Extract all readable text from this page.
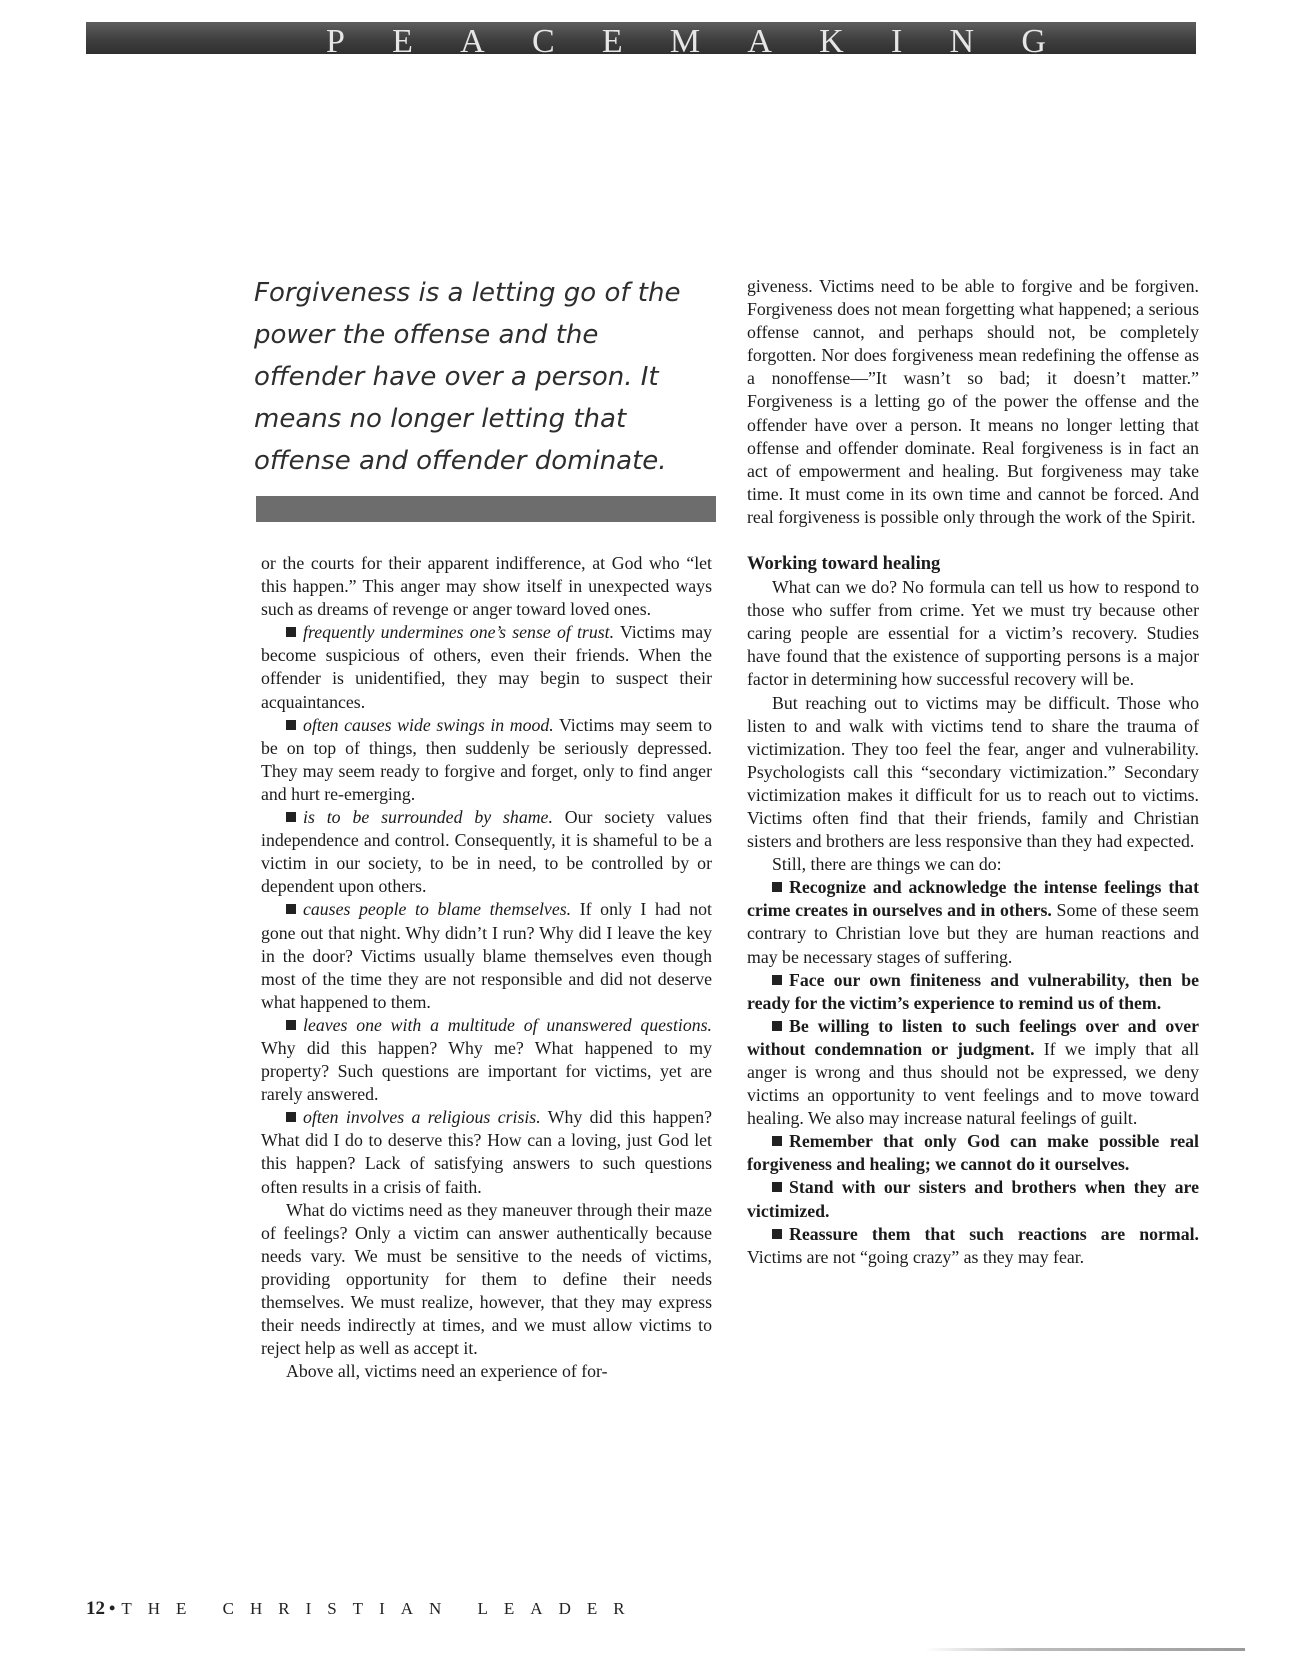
P E A C E M A K I N G
Forgiveness is a letting go of the power the offense and the offender have over a person. It means no longer letting that offense and offender dominate.

or the courts for their apparent indifference, at God who “let this happen.” This anger may show itself in unexpected ways such as dreams of revenge or anger toward loved ones.

frequently undermines one’s sense of trust. Victims may become suspicious of others, even their friends. When the offender is unidentified, they may begin to suspect their acquaintances.

often causes wide swings in mood. Victims may seem to be on top of things, then suddenly be seriously depressed. They may seem ready to forgive and forget, only to find anger and hurt re-emerging.

is to be surrounded by shame. Our society values independence and control. Consequently, it is shameful to be a victim in our society, to be in need, to be controlled by or dependent upon others.

causes people to blame themselves. If only I had not gone out that night. Why didn’t I run? Why did I leave the key in the door? Victims usually blame themselves even though most of the time they are not responsible and did not deserve what happened to them.

leaves one with a multitude of unanswered questions. Why did this happen? Why me? What happened to my property? Such questions are important for victims, yet are rarely answered.

often involves a religious crisis. Why did this happen? What did I do to deserve this? How can a loving, just God let this happen? Lack of satisfying answers to such questions often results in a crisis of faith.

What do victims need as they maneuver through their maze of feelings? Only a victim can answer authentically because needs vary. We must be sensitive to the needs of victims, providing opportunity for them to define their needs themselves. We must realize, however, that they may express their needs indirectly at times, and we must allow victims to reject help as well as accept it.

Above all, victims need an experience of for-

giveness. Victims need to be able to forgive and be forgiven. Forgiveness does not mean forgetting what happened; a serious offense cannot, and perhaps should not, be completely forgotten. Nor does forgiveness mean redefining the offense as a nonoffense—”It wasn’t so bad; it doesn’t matter.” Forgiveness is a letting go of the power the offense and the offender have over a person. It means no longer letting that offense and offender dominate. Real forgiveness is in fact an act of empowerment and healing. But forgiveness may take time. It must come in its own time and cannot be forced. And real forgiveness is possible only through the work of the Spirit.

Working toward healing

What can we do? No formula can tell us how to respond to those who suffer from crime. Yet we must try because other caring people are essential for a victim’s recovery. Studies have found that the existence of supporting persons is a major factor in determining how successful recovery will be.

But reaching out to victims may be difficult. Those who listen to and walk with victims tend to share the trauma of victimization. They too feel the fear, anger and vulnerability. Psychologists call this “secondary victimization.” Secondary victimization makes it difficult for us to reach out to victims. Victims often find that their friends, family and Christian sisters and brothers are less responsive than they had expected.

Still, there are things we can do:

Recognize and acknowledge the intense feelings that crime creates in ourselves and in others. Some of these seem contrary to Christian love but they are human reactions and may be necessary stages of suffering.

Face our own finiteness and vulnerability, then be ready for the victim’s experience to remind us of them.

Be willing to listen to such feelings over and over without condemnation or judgment. If we imply that all anger is wrong and thus should not be expressed, we deny victims an opportunity to vent feelings and to move toward healing. We also may increase natural feelings of guilt.

Remember that only God can make possible real forgiveness and healing; we cannot do it ourselves.

Stand with our sisters and brothers when they are victimized.

Reassure them that such reactions are normal. Victims are not “going crazy” as they may fear.

12 • THE CHRISTIAN LEADER
